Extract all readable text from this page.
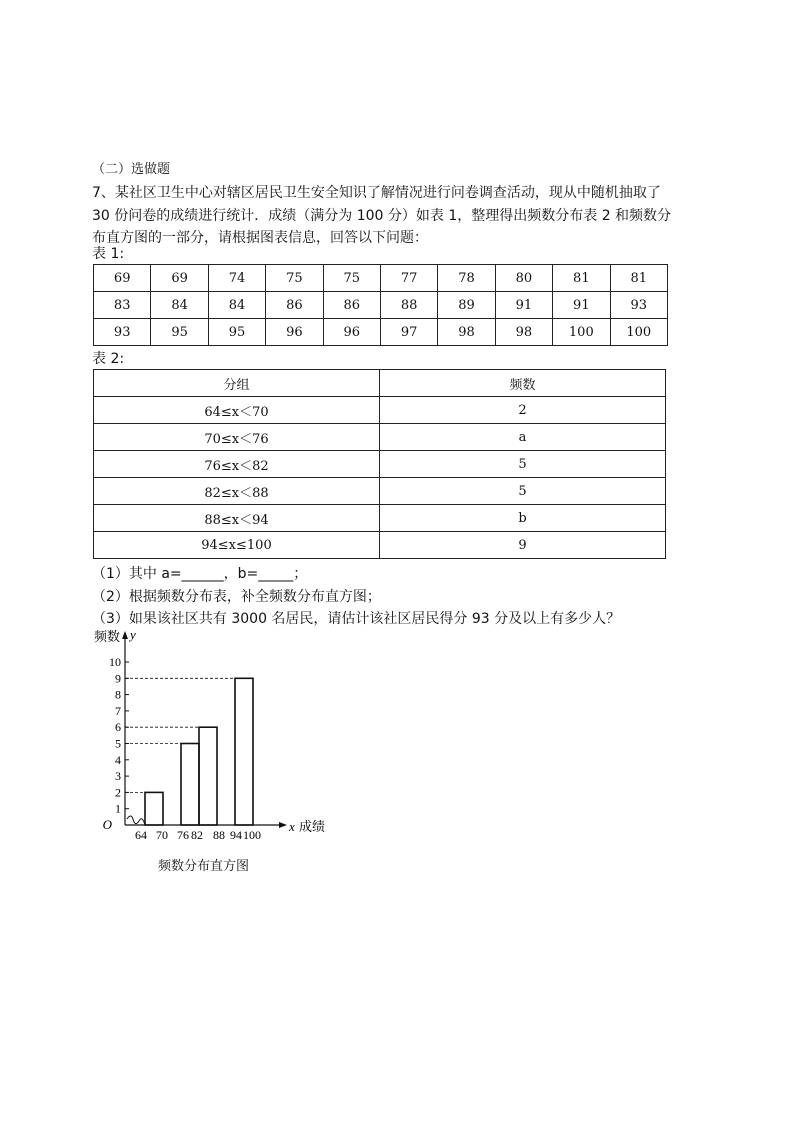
（二）选做题
7、某社区卫生中心对辖区居民卫生安全知识了解情况进行问卷调查活动，现从中随机抽取了
30 份问卷的成绩进行统计．成绩（满分为 100 分）如表 1，整理得出频数分布表 2 和频数分
布直方图的一部分，请根据图表信息，回答以下问题：
表 1:
69	69	74	75	75	77	78	80	81	81
83	84	84	86	86	88	89	91	91	93
93	95	95	96	96	97	98	98	100	100
表 2:
分组	频数
64≤x＜70	2
70≤x＜76	a
76≤x＜82	5
82≤x＜88	5
88≤x＜94	b
94≤x≤100	9
（1）其中 a=______，b=_____；
（2）根据频数分布表，补全频数分布直方图；
（3）如果该社区共有 3000 名居民，请估计该社区居民得分 93 分及以上有多少人？
1
2
3
4
5
6
7
8
9
10
64 70 76 82 88 94 100
O
频数 y
x 成绩
频数分布直方图
